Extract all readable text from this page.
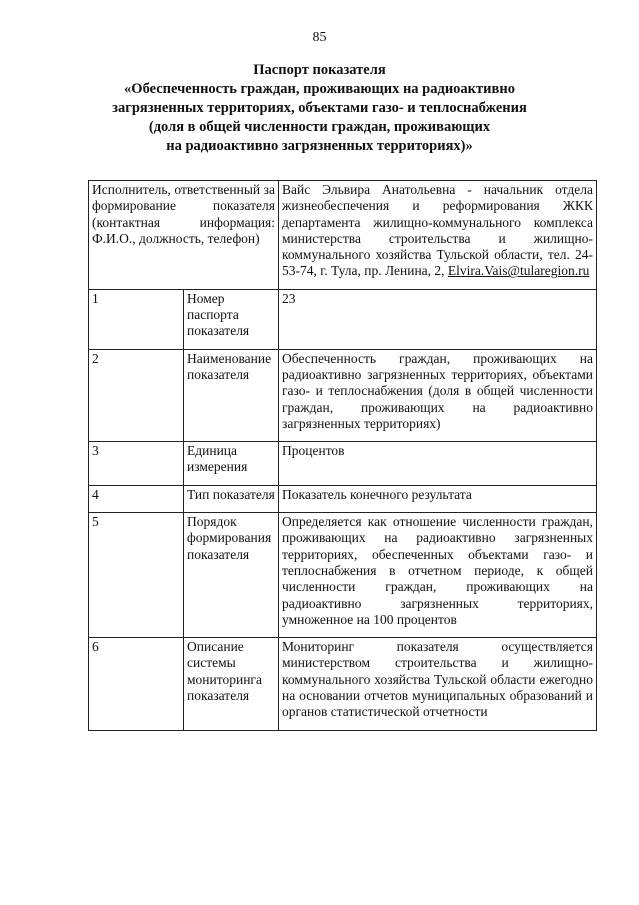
85
Паспорт показателя
«Обеспеченность граждан, проживающих на радиоактивно
загрязненных территориях, объектами газо- и теплоснабжения
(доля в общей численности граждан, проживающих
на радиоактивно загрязненных территориях)»
Исполнитель, ответственный за формирование показателя (контактная информация: Ф.И.О., должность, телефон)		Вайс Эльвира Анатольевна - начальник отдела жизнеобеспечения и реформирования ЖКК департамента жилищно-коммунального комплекса министерства строительства и жилищно-коммунального хозяйства Тульской области, тел. 24-53-74, г. Тула, пр. Ленина, 2, Elvira.Vais@tularegion.ru
1	Номер паспорта показателя	23
2	Наименование показателя	Обеспеченность граждан, проживающих на радиоактивно загрязненных территориях, объектами газо- и теплоснабжения (доля в общей численности граждан, проживающих на радиоактивно загрязненных территориях)
3	Единица измерения	Процентов
4	Тип показателя	Показатель конечного результата
5	Порядок формирования показателя	Определяется как отношение численности граждан, проживающих на радиоактивно загрязненных территориях, обеспеченных объектами газо- и теплоснабжения в отчетном периоде, к общей численности граждан, проживающих на радиоактивно загрязненных территориях, умноженное на 100 процентов
6	Описание системы мониторинга показателя	Мониторинг показателя осуществляется министерством строительства и жилищно-коммунального хозяйства Тульской области ежегодно на основании отчетов муниципальных образований и органов статистической отчетности
